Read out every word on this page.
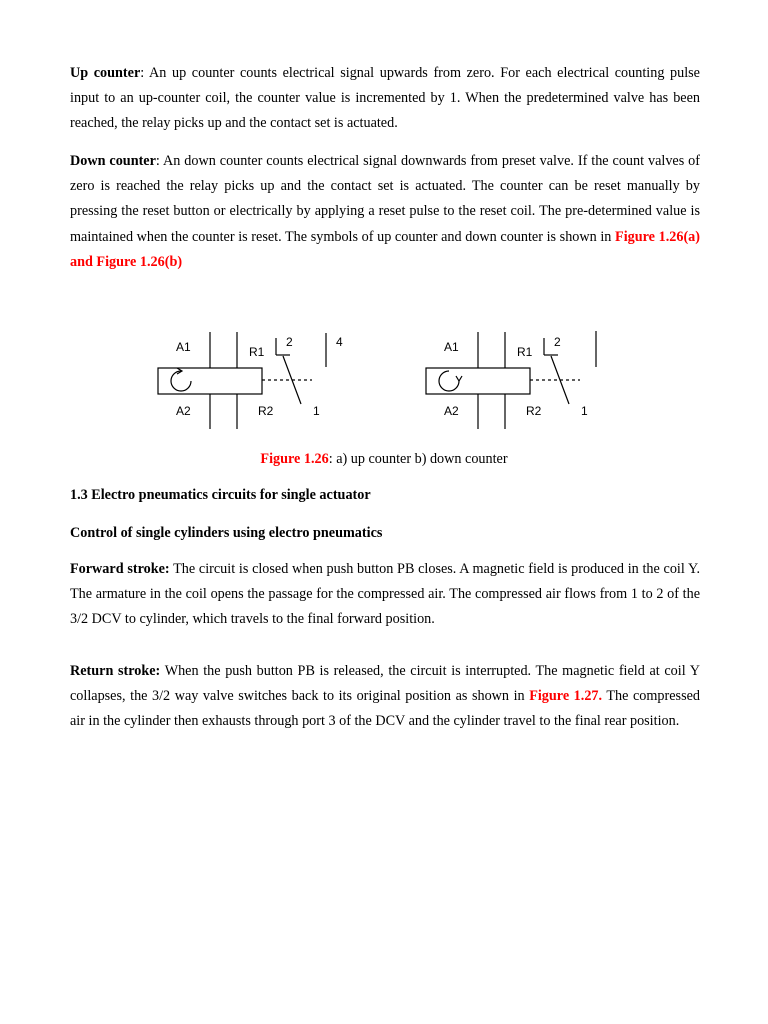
Up counter: An up counter counts electrical signal upwards from zero. For each electrical counting pulse input to an up-counter coil, the counter value is incremented by 1. When the predetermined valve has been reached, the relay picks up and the contact set is actuated.

Down counter: An down counter counts electrical signal downwards from preset valve. If the count valves of zero is reached the relay picks up and the contact set is actuated. The counter can be reset manually by pressing the reset button or electrically by applying a reset pulse to the reset coil. The pre-determined value is maintained when the counter is reset. The symbols of up counter and down counter is shown in Figure 1.26(a) and Figure 1.26(b)

A1	R1
2	4
A2	R2	1
A1	R1
2
A2	R2	1
Figure 1.26: a) up counter b) down counter

1.3 Electro pneumatics circuits for single actuator

Control of single cylinders using electro pneumatics

Forward stroke: The circuit is closed when push button PB closes. A magnetic field is produced in the coil Y. The armature in the coil opens the passage for the compressed air. The compressed air flows from 1 to 2 of the 3/2 DCV to cylinder, which travels to the final forward position.

Return stroke: When the push button PB is released, the circuit is interrupted. The magnetic field at coil Y collapses, the 3/2 way valve switches back to its original position as shown in Figure 1.27. The compressed air in the cylinder then exhausts through port 3 of the DCV and the cylinder travel to the final rear position.
